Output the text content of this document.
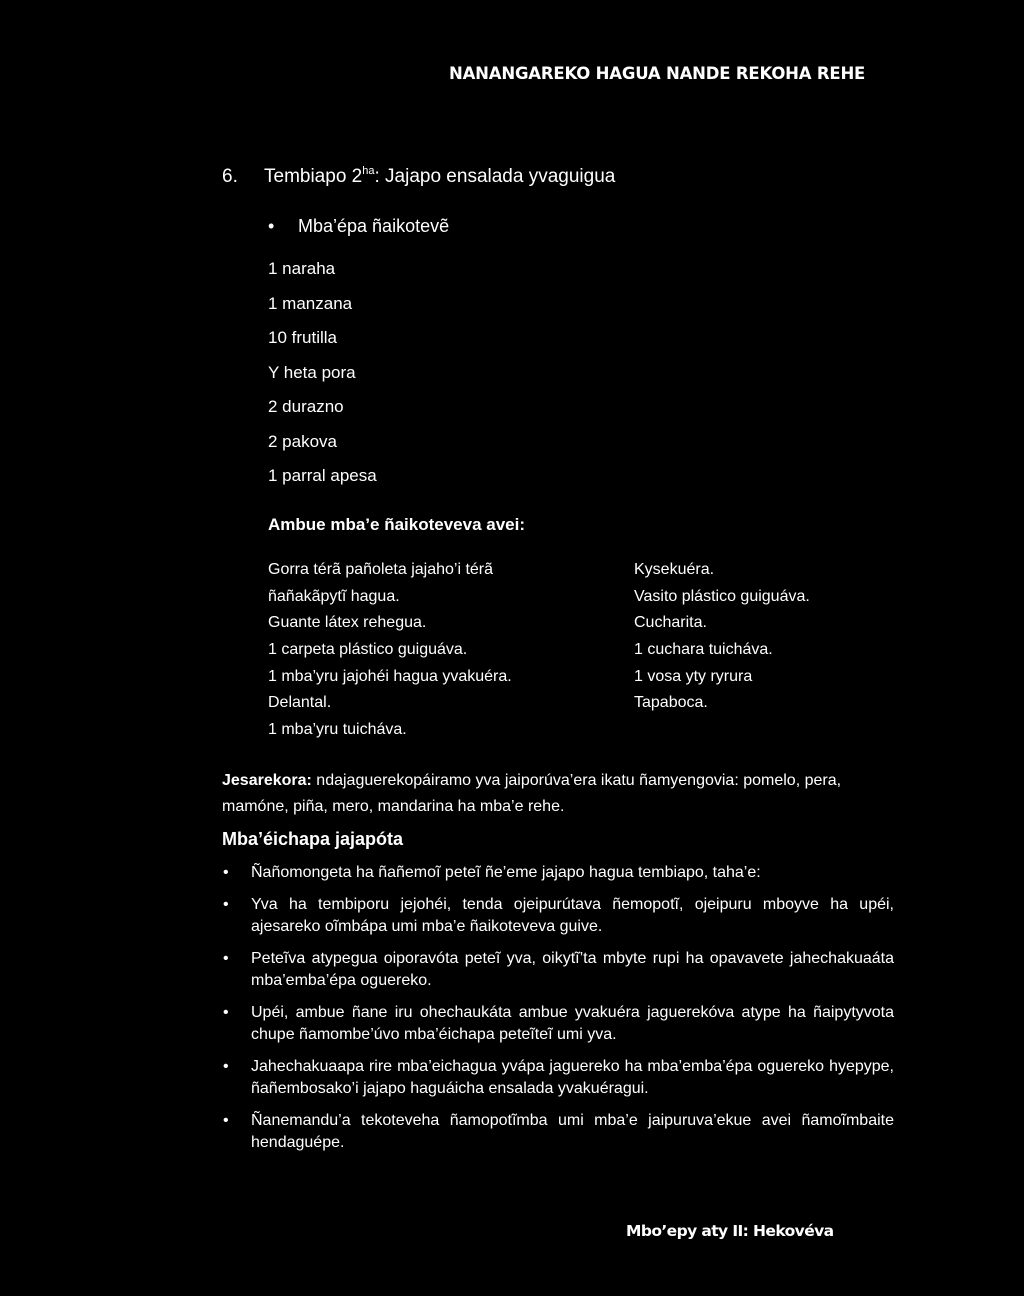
NANANGAREKO HAGUA NANDE REKOHA REHE
6. Tembiapo $2^{ha}$: Jajapo ensalada yvaguigua
• Mba’épa ñaikotevẽ
1 naraha
1 manzana
10 frutilla
Y heta pora
2 durazno
2 pakova
1 parral apesa
Ambue mba’e ñaikoteveva avei:
Gorra térã pañoleta jajaho’i térã
ñañakãpytĩ hagua.
Guante látex rehegua.
1 carpeta plástico guiguáva.
1 mba’yru jajohéi hagua yvakuéra.
Delantal.
1 mba’yru tuicháva.
Kysekuéra.
Vasito plástico guiguáva.
Cucharita.
1 cuchara tuicháva.
1 vosa yty ryrura
Tapaboca.
Jesarekora: ndajaguerekopáiramo yva jaiporúva’era ikatu ñamyengovia: pomelo, pera, mamóne, piña, mero, mandarina ha mba’e rehe.
Mba’éichapa jajapóta
• Ñañomongeta ha ñañemoĩ peteĩ ñe’eme jajapo hagua tembiapo, taha’e:
• Yva ha tembiporu jejohéi, tenda ojeipurútava ñemopotĩ, ojeipuru mboyve ha upéi, ajesareko oĩmbápa umi mba’e ñaikoteveva guive.
• Peteĩva atypegua oiporavóta peteĩ yva, oikytĩ’ta mbyte rupi ha opavavete jahechakuaáta mba’emba’épa oguereko.
• Upéi, ambue ñane iru ohechaukáta ambue yvakuéra jaguerekóva atype ha ñaipytyvota chupe ñamombe’úvo mba’éichapa peteĩteĩ umi yva.
• Jahechakuaapa rire mba’eichagua yvápa jaguereko ha mba’emba’épa oguereko hyepype, ñañembosako’i jajapo haguáicha ensalada yvakuéragui.
• Ñanemandu’a tekoteveha ñamopotĩmba umi mba’e jaipuruva’ekue avei ñamoĩmbaite hendaguépe.
Mbo’epy aty II: Hekovéva
